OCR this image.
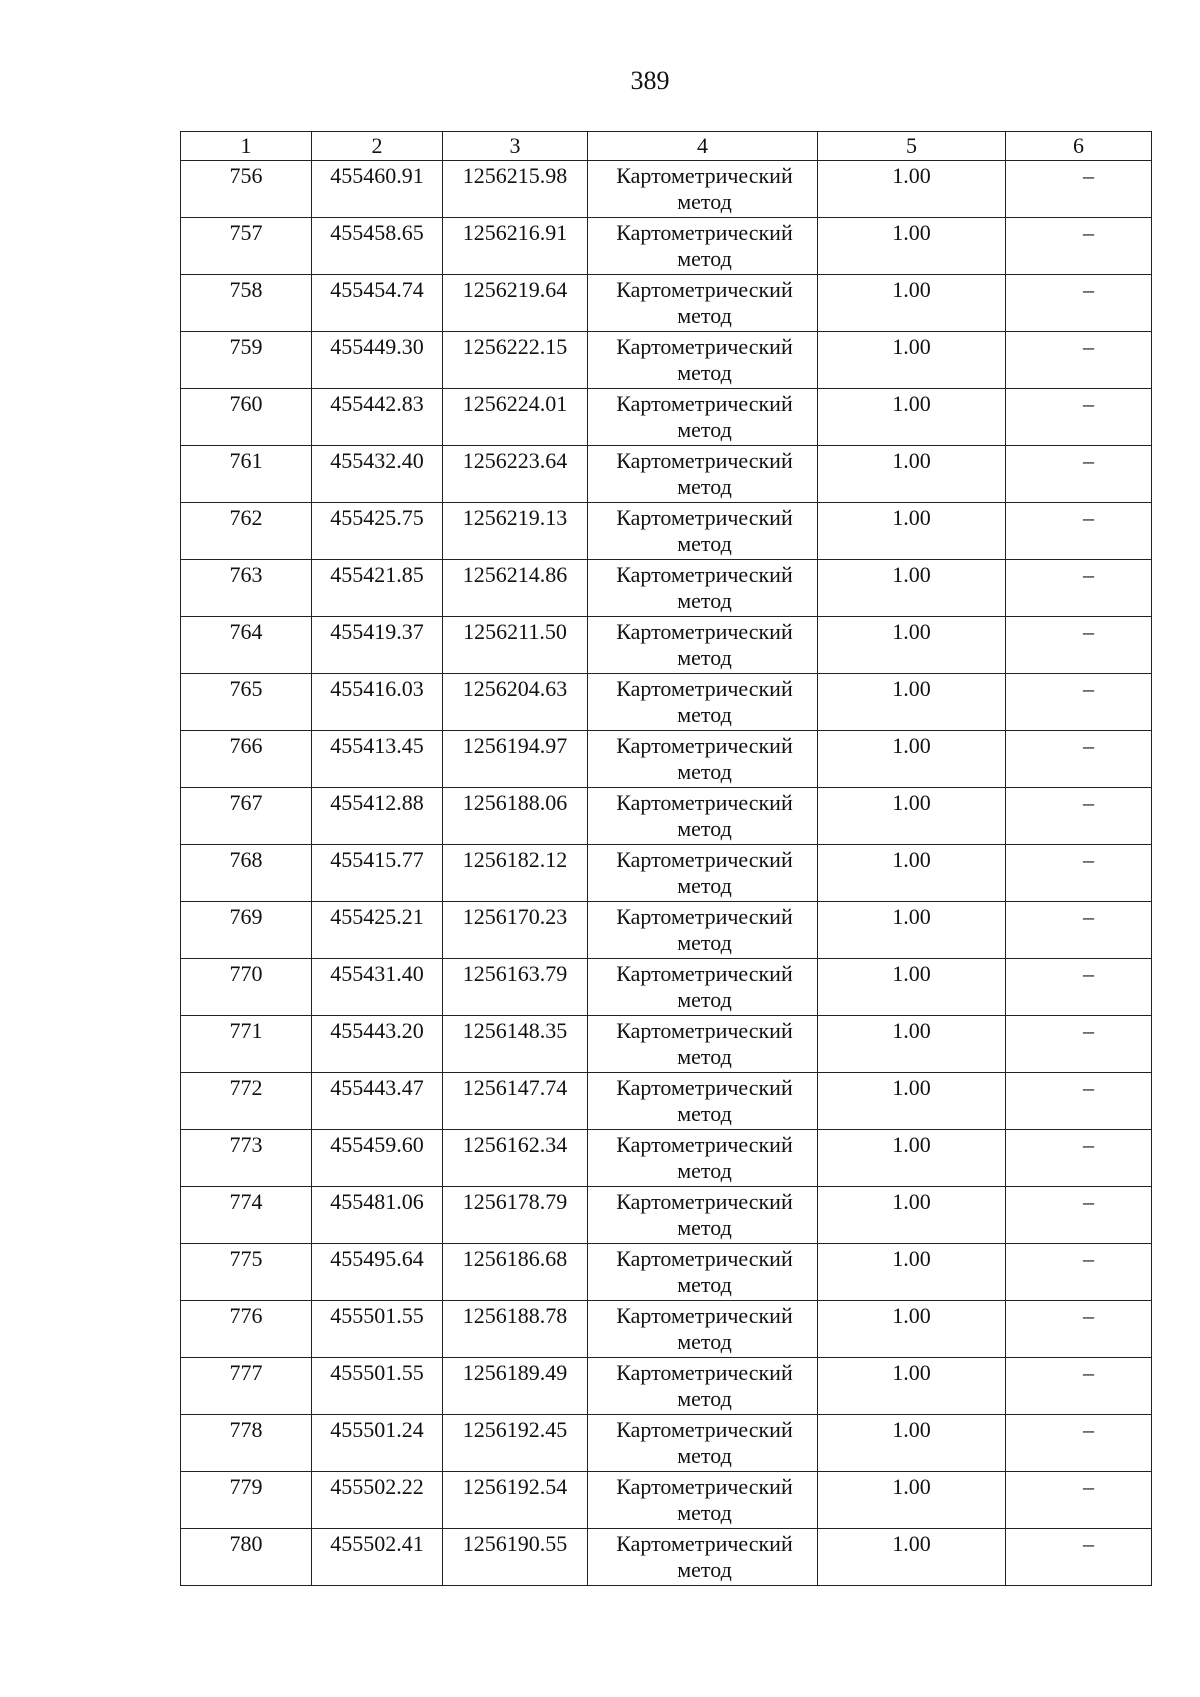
389
1	2	3	4	5	6

756	455460.91	1256215.98	Картометрический метод	1.00	–

757	455458.65	1256216.91	Картометрический метод	1.00	–

758	455454.74	1256219.64	Картометрический метод	1.00	–

759	455449.30	1256222.15	Картометрический метод	1.00	–

760	455442.83	1256224.01	Картометрический метод	1.00	–

761	455432.40	1256223.64	Картометрический метод	1.00	–

762	455425.75	1256219.13	Картометрический метод	1.00	–

763	455421.85	1256214.86	Картометрический метод	1.00	–

764	455419.37	1256211.50	Картометрический метод	1.00	–

765	455416.03	1256204.63	Картометрический метод	1.00	–

766	455413.45	1256194.97	Картометрический метод	1.00	–

767	455412.88	1256188.06	Картометрический метод	1.00	–

768	455415.77	1256182.12	Картометрический метод	1.00	–

769	455425.21	1256170.23	Картометрический метод	1.00	–

770	455431.40	1256163.79	Картометрический метод	1.00	–

771	455443.20	1256148.35	Картометрический метод	1.00	–

772	455443.47	1256147.74	Картометрический метод	1.00	–

773	455459.60	1256162.34	Картометрический метод	1.00	–

774	455481.06	1256178.79	Картометрический метод	1.00	–

775	455495.64	1256186.68	Картометрический метод	1.00	–

776	455501.55	1256188.78	Картометрический метод	1.00	–

777	455501.55	1256189.49	Картометрический метод	1.00	–

778	455501.24	1256192.45	Картометрический метод	1.00	–

779	455502.22	1256192.54	Картометрический метод	1.00	–

780	455502.41	1256190.55	Картометрический метод	1.00	–
